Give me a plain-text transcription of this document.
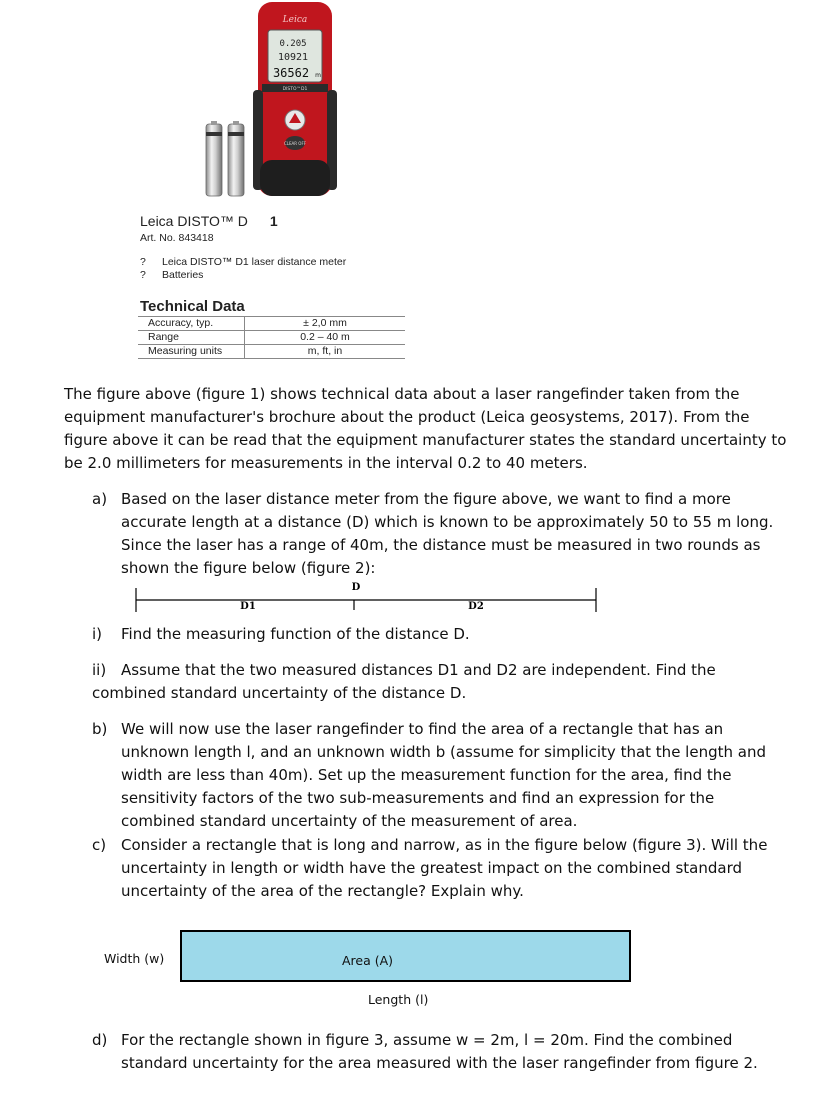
Leica
0.205
10921
36562 m
DISTO™D1
CLEAR OFF
Leica DISTO™ D 1
Art. No. 843418
? Leica DISTO™ D1 laser distance meter
? Batteries
Technical Data
Accuracy, typ.	± 2,0 mm
Range	0.2 – 40 m
Measuring units	m, ft, in

The figure above (figure 1) shows technical data about a laser rangefinder taken from the equipment manufacturer's brochure about the product (Leica geosystems, 2017). From the figure above it can be read that the equipment manufacturer states the standard uncertainty to be 2.0 millimeters for measurements in the interval 0.2 to 40 meters.

a) Based on the laser distance meter from the figure above, we want to find a more accurate length at a distance (D) which is known to be approximately 50 to 55 m long. Since the laser has a range of 40m, the distance must be measured in two rounds as shown the figure below (figure 2):
D
D1	D2
i) Find the measuring function of the distance D.
ii) Assume that the two measured distances D1 and D2 are independent. Find the combined standard uncertainty of the distance D.
b) We will now use the laser rangefinder to find the area of a rectangle that has an unknown length l, and an unknown width b (assume for simplicity that the length and width are less than 40m). Set up the measurement function for the area, find the sensitivity factors of the two sub-measurements and find an expression for the combined standard uncertainty of the measurement of area.
c) Consider a rectangle that is long and narrow, as in the figure below (figure 3). Will the uncertainty in length or width have the greatest impact on the combined standard uncertainty of the area of the rectangle? Explain why.
Width (w)	Area (A)
Length (l)
d) For the rectangle shown in figure 3, assume w = 2m, l = 20m. Find the combined standard uncertainty for the area measured with the laser rangefinder from figure 2.
